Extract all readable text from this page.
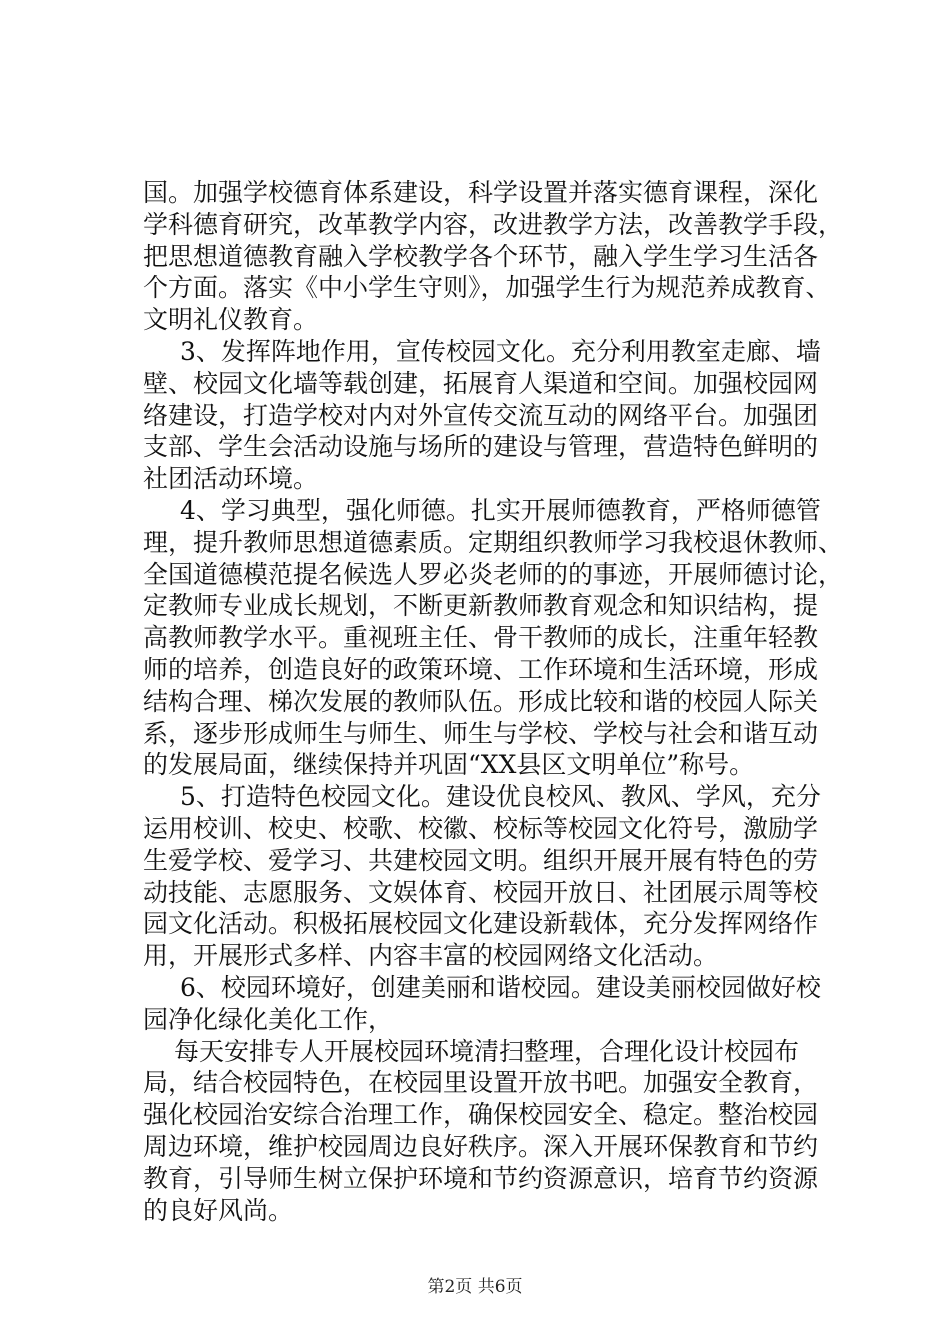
国。加强学校德育体系建设，科学设置并落实德育课程，深化
学科德育研究，改革教学内容，改进教学方法，改善教学手段，
把思想道德教育融入学校教学各个环节，融入学生学习生活各
个方面。落实《中小学生守则》，加强学生行为规范养成教育、
文明礼仪教育。
3、发挥阵地作用，宣传校园文化。充分利用教室走廊、墙
壁、校园文化墙等载创建，拓展育人渠道和空间。加强校园网
络建设，打造学校对内对外宣传交流互动的网络平台。加强团
支部、学生会活动设施与场所的建设与管理，营造特色鲜明的
社团活动环境。
4、学习典型，强化师德。扎实开展师德教育，严格师德管
理，提升教师思想道德素质。定期组织教师学习我校退休教师、
全国道德模范提名候选人罗必炎老师的的事迹，开展师德讨论，
定教师专业成长规划，不断更新教师教育观念和知识结构，提
高教师教学水平。重视班主任、骨干教师的成长，注重年轻教
师的培养，创造良好的政策环境、工作环境和生活环境，形成
结构合理、梯次发展的教师队伍。形成比较和谐的校园人际关
系，逐步形成师生与师生、师生与学校、学校与社会和谐互动
的发展局面，继续保持并巩固“XX县区文明单位”称号。
5、打造特色校园文化。建设优良校风、教风、学风，充分
运用校训、校史、校歌、校徽、校标等校园文化符号，激励学
生爱学校、爱学习、共建校园文明。组织开展开展有特色的劳
动技能、志愿服务、文娱体育、校园开放日、社团展示周等校
园文化活动。积极拓展校园文化建设新载体，充分发挥网络作
用，开展形式多样、内容丰富的校园网络文化活动。
6、校园环境好，创建美丽和谐校园。建设美丽校园做好校
园净化绿化美化工作，
每天安排专人开展校园环境清扫整理，合理化设计校园布
局，结合校园特色，在校园里设置开放书吧。加强安全教育，
强化校园治安综合治理工作，确保校园安全、稳定。整治校园
周边环境，维护校园周边良好秩序。深入开展环保教育和节约
教育，引导师生树立保护环境和节约资源意识，培育节约资源
的良好风尚。
第2页 共6页
